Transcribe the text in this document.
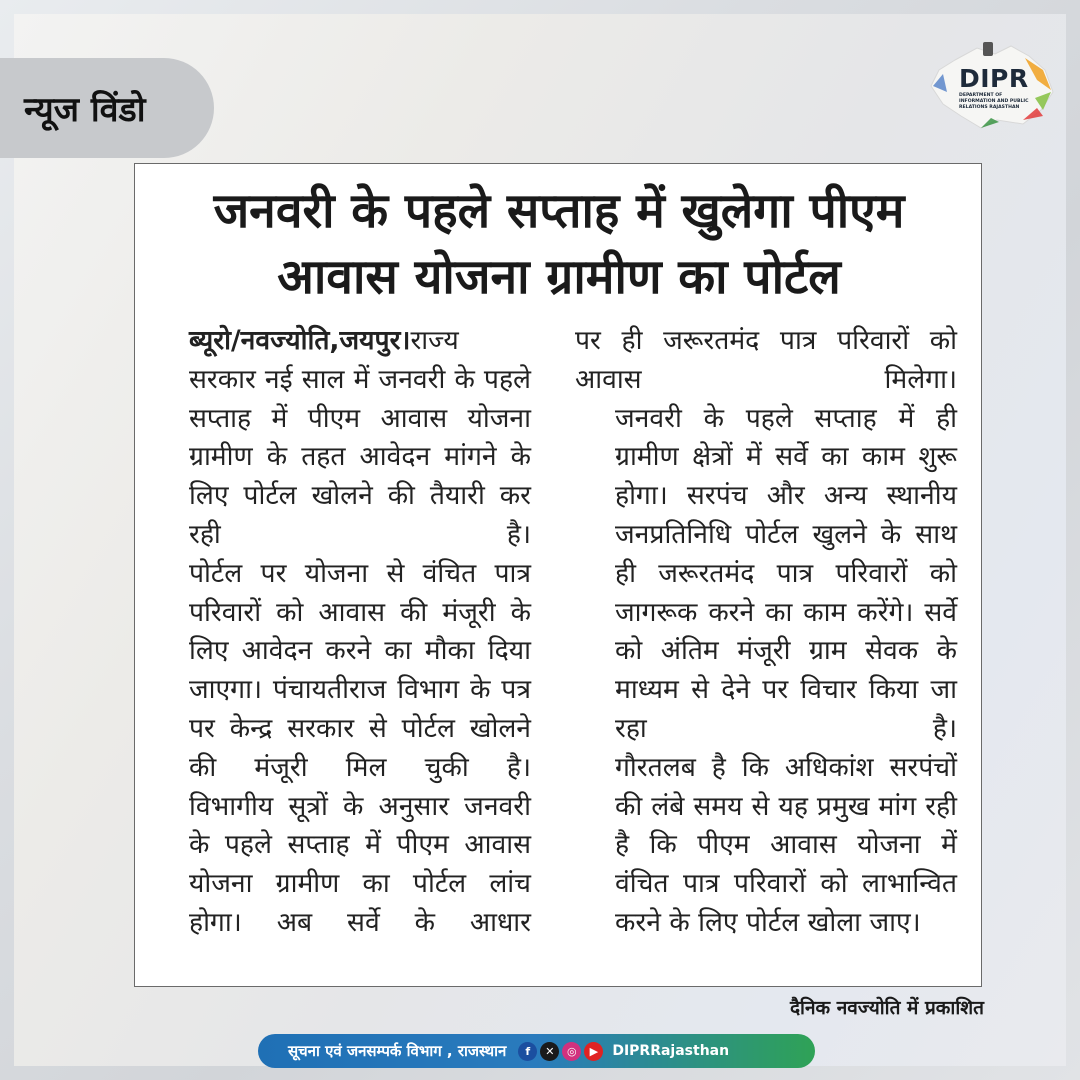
न्यूज विंडो
DIPR
DEPARTMENT OF INFORMATION AND PUBLIC RELATIONS RAJASTHAN
जनवरी के पहले सप्ताह में खुलेगा पीएम
आवास योजना ग्रामीण का पोर्टल

ब्यूरो/नवज्योति,जयपुर।राज्य सरकार नई साल में जनवरी के पहले सप्ताह में पीएम आवास योजना ग्रामीण के तहत आवेदन मांगने के लिए पोर्टल खोलने की तैयारी कर रही है।

पोर्टल पर योजना से वंचित पात्र परिवारों को आवास की मंजूरी के लिए आवेदन करने का मौका दिया जाएगा। पंचायतीराज विभाग के पत्र पर केन्द्र सरकार से पोर्टल खोलने की मंजूरी मिल चुकी है।

विभागीय सूत्रों के अनुसार जनवरी के पहले सप्ताह में पीएम आवास योजना ग्रामीण का पोर्टल लांच होगा। अब सर्वे के आधार

पर ही जरूरतमंद पात्र परिवारों को आवास मिलेगा।

जनवरी के पहले सप्ताह में ही ग्रामीण क्षेत्रों में सर्वे का काम शुरू होगा। सरपंच और अन्य स्थानीय जनप्रतिनिधि पोर्टल खुलने के साथ ही जरूरतमंद पात्र परिवारों को जागरूक करने का काम करेंगे। सर्वे को अंतिम मंजूरी ग्राम सेवक के माध्यम से देने पर विचार किया जा रहा है।

गौरतलब है कि अधिकांश सरपंचों की लंबे समय से यह प्रमुख मांग रही है कि पीएम आवास योजना में वंचित पात्र परिवारों को लाभान्वित करने के लिए पोर्टल खोला जाए।

दैनिक नवज्योति में प्रकाशित
सूचना एवं जनसम्पर्क विभाग , राजस्थान	f	✕	◎	▶	DIPRRajasthan
